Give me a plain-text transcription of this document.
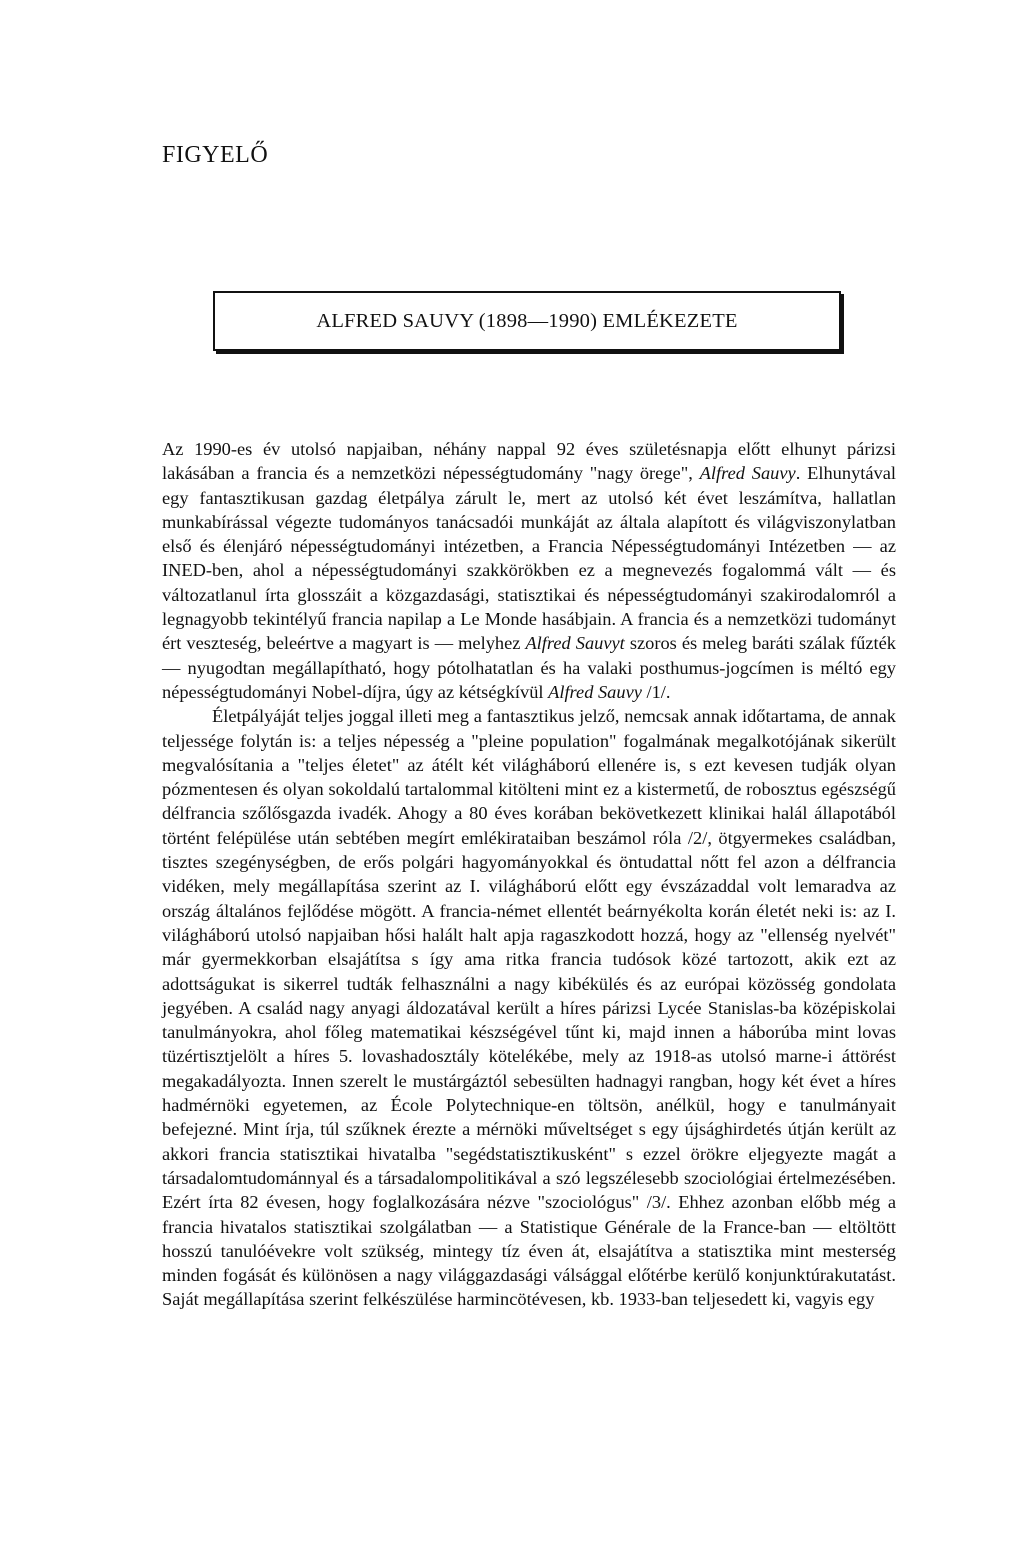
FIGYELŐ
ALFRED SAUVY (1898—1990) EMLÉKEZETE

Az 1990-es év utolsó napjaiban, néhány nappal 92 éves születésnapja előtt elhunyt párizsi lakásában a francia és a nemzetközi népességtudomány "nagy örege", Alfred Sauvy. Elhunytával egy fantasztikusan gazdag életpálya zárult le, mert az utolsó két évet leszámítva, hallatlan munkabírással végezte tudományos tanácsadói munkáját az általa alapított és világviszonylatban első és élenjáró népességtudományi intézetben, a Francia Népességtudományi Intézetben — az INED-ben, ahol a népességtudományi szakkörökben ez a megnevezés fogalommá vált — és változatlanul írta glosszáit a közgazdasági, statisztikai és népességtudományi szakirodalomról a legnagyobb tekintélyű francia napilap a Le Monde hasábjain. A francia és a nemzetközi tudományt ért veszteség, beleértve a magyart is — melyhez Alfred Sauvyt szoros és meleg baráti szálak fűzték — nyugodtan megállapítható, hogy pótolhatatlan és ha valaki posthumus-jogcímen is méltó egy népességtudományi Nobel-díjra, úgy az kétségkívül Alfred Sauvy /1/.

Életpályáját teljes joggal illeti meg a fantasztikus jelző, nemcsak annak időtartama, de annak teljessége folytán is: a teljes népesség a "pleine population" fogalmának megalkotójának sikerült megvalósítania a "teljes életet" az átélt két világháború ellenére is, s ezt kevesen tudják olyan pózmentesen és olyan sokoldalú tartalommal kitölteni mint ez a kistermetű, de robosztus egészségű délfrancia szőlősgazda ivadék. Ahogy a 80 éves korában bekövetkezett klinikai halál állapotából történt felépülése után sebtében megírt emlékirataiban beszámol róla /2/, ötgyermekes családban, tisztes szegénységben, de erős polgári hagyományokkal és öntudattal nőtt fel azon a délfrancia vidéken, mely megállapítása szerint az I. világháború előtt egy évszázaddal volt lemaradva az ország általános fejlődése mögött. A francia-német ellentét beárnyékolta korán életét neki is: az I. világháború utolsó napjaiban hősi halált halt apja ragaszkodott hozzá, hogy az "ellenség nyelvét" már gyermekkorban elsajátítsa s így ama ritka francia tudósok közé tartozott, akik ezt az adottságukat is sikerrel tudták felhasználni a nagy kibékülés és az európai közösség gondolata jegyében. A család nagy anyagi áldozatával került a híres párizsi Lycée Stanislas-ba középiskolai tanulmányokra, ahol főleg matematikai készségével tűnt ki, majd innen a háborúba mint lovas tüzértisztjelölt a híres 5. lovashadosztály kötelékébe, mely az 1918-as utolsó marne-i áttörést megakadályozta. Innen szerelt le mustárgáztól sebesülten hadnagyi rangban, hogy két évet a híres hadmérnöki egyetemen, az École Polytechnique-en töltsön, anélkül, hogy e tanulmányait befejezné. Mint írja, túl szűknek érezte a mérnöki műveltséget s egy újsághirdetés útján került az akkori francia statisztikai hivatalba "segédstatisztikusként" s ezzel örökre eljegyezte magát a társadalomtudománnyal és a társadalompolitikával a szó legszélesebb szociológiai értelmezésében. Ezért írta 82 évesen, hogy foglalkozására nézve "szociológus" /3/. Ehhez azonban előbb még a francia hivatalos statisztikai szolgálatban — a Statistique Générale de la France-ban — eltöltött hosszú tanulóévekre volt szükség, mintegy tíz éven át, elsajátítva a statisztika mint mesterség minden fogását és különösen a nagy világgazdasági válsággal előtérbe kerülő konjunktúrakutatást. Saját megállapítása szerint felkészülése harmincötévesen, kb. 1933-ban teljesedett ki, vagyis egy
